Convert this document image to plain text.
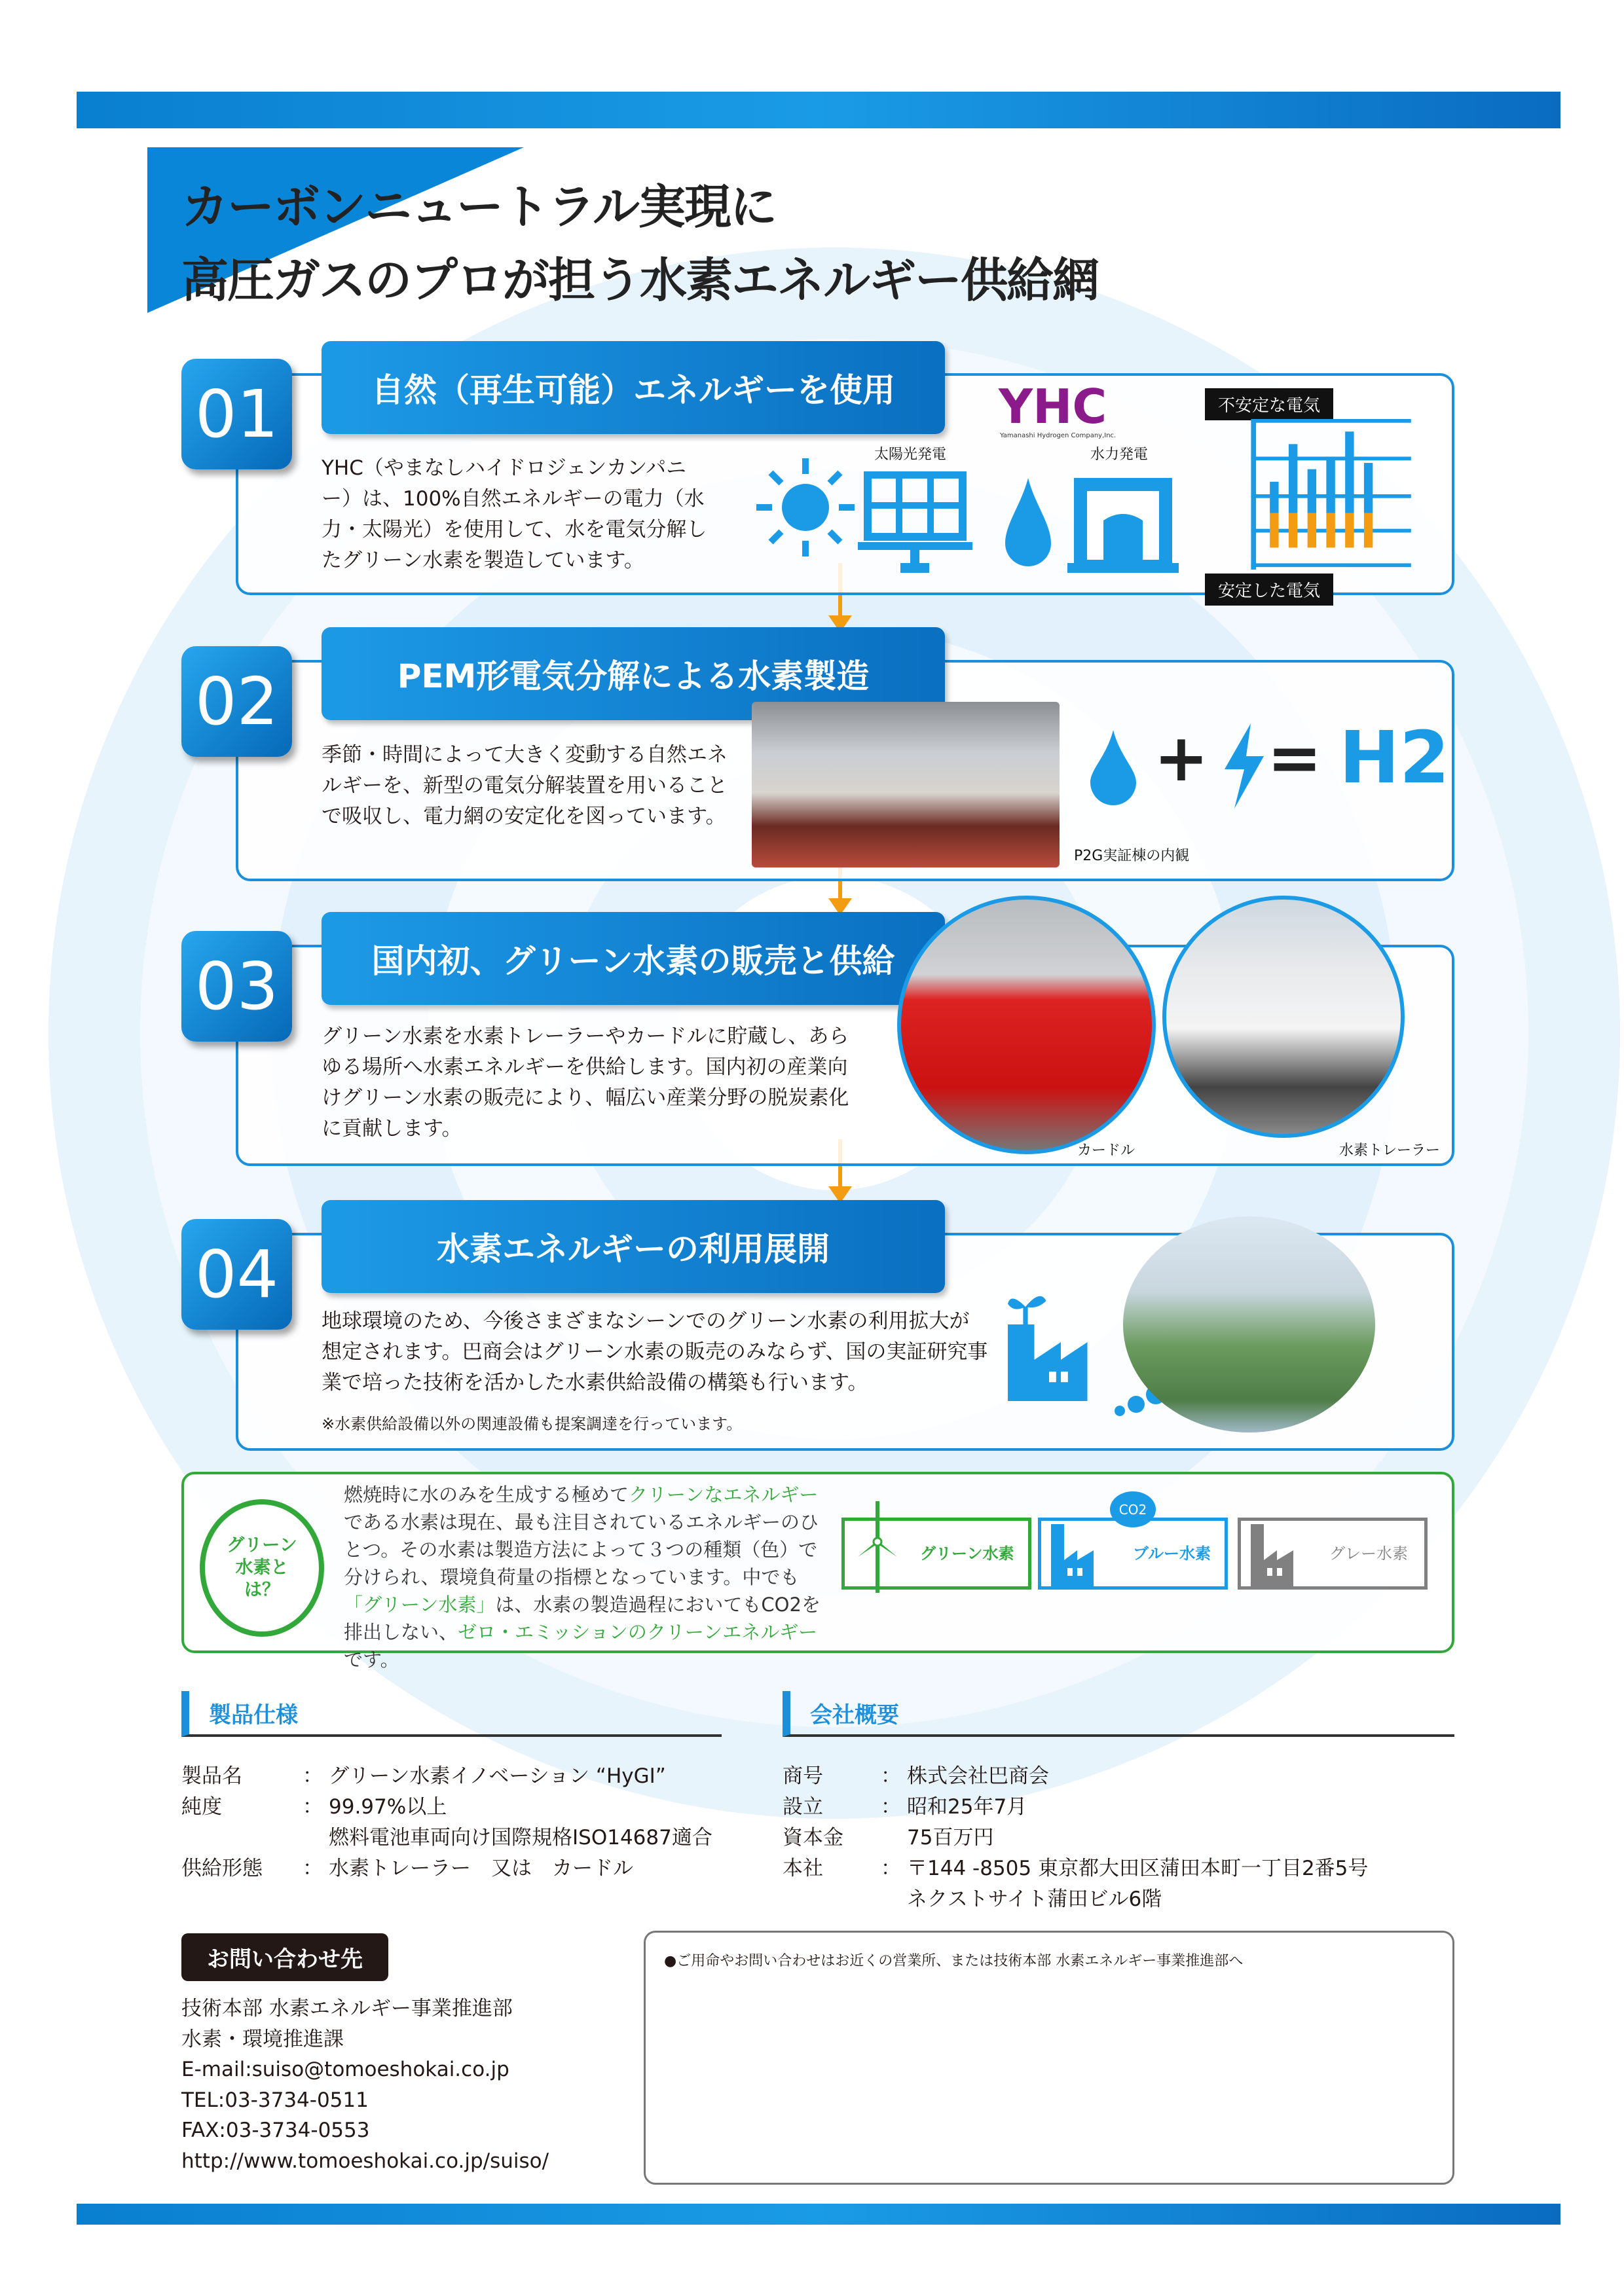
カーボンニュートラル実現に
高圧ガスのプロが担う水素エネルギー供給網
01	自然（再生可能）エネルギーを使用
YHC（やまなしハイドロジェンカンパニー）は、100%自然エネルギーの電力（水力・太陽光）を使用して、水を電気分解したグリーン水素を製造しています。
太陽光発電
YHC
Yamanashi Hydrogen Company,Inc.
水力発電
不安定な電気
安定した電気
02	PEM形電気分解による水素製造
季節・時間によって大きく変動する自然エネルギーを、新型の電気分解装置を用いることで吸収し、電力網の安定化を図っています。
P2G実証棟の内観
+ = H2
03	国内初、グリーン水素の販売と供給
グリーン水素を水素トレーラーやカードルに貯蔵し、あらゆる場所へ水素エネルギーを供給します。国内初の産業向けグリーン水素の販売により、幅広い産業分野の脱炭素化に貢献します。
カードル	水素トレーラー
04	水素エネルギーの利用展開
地球環境のため、今後さまざまなシーンでのグリーン水素の利用拡大が想定されます。巴商会はグリーン水素の販売のみならず、国の実証研究事業で培った技術を活かした水素供給設備の構築も行います。
※水素供給設備以外の関連設備も提案調達を行っています。
グリーン水素とは？
燃焼時に水のみを生成する極めてクリーンなエネルギーである水素は現在、最も注目されているエネルギーのひとつ。その水素は製造方法によって３つの種類（色）で分けられ、環境負荷量の指標となっています。中でも「グリーン水素」は、水素の製造過程においてもCO2を排出しない、ゼロ・エミッションのクリーンエネルギーです。
グリーン水素
CO2
ブルー水素	グレー水素
製品仕様
製品名	： グリーン水素イノベーション “HyGI”
純度	： 99.97%以上
燃料電池車両向け国際規格ISO14687適合
供給形態	： 水素トレーラー　又は　カードル
会社概要
商号	： 株式会社巴商会
設立	： 昭和25年7月
資本金	75百万円
本社	： 〒144 -8505 東京都大田区蒲田本町一丁目2番5号
ネクストサイト蒲田ビル6階
お問い合わせ先
技術本部 水素エネルギー事業推進部
水素・環境推進課
E-mail:suiso@tomoeshokai.co.jp
TEL:03-3734-0511
FAX:03-3734-0553
http://www.tomoeshokai.co.jp/suiso/
●ご用命やお問い合わせはお近くの営業所、または技術本部 水素エネルギー事業推進部へ
